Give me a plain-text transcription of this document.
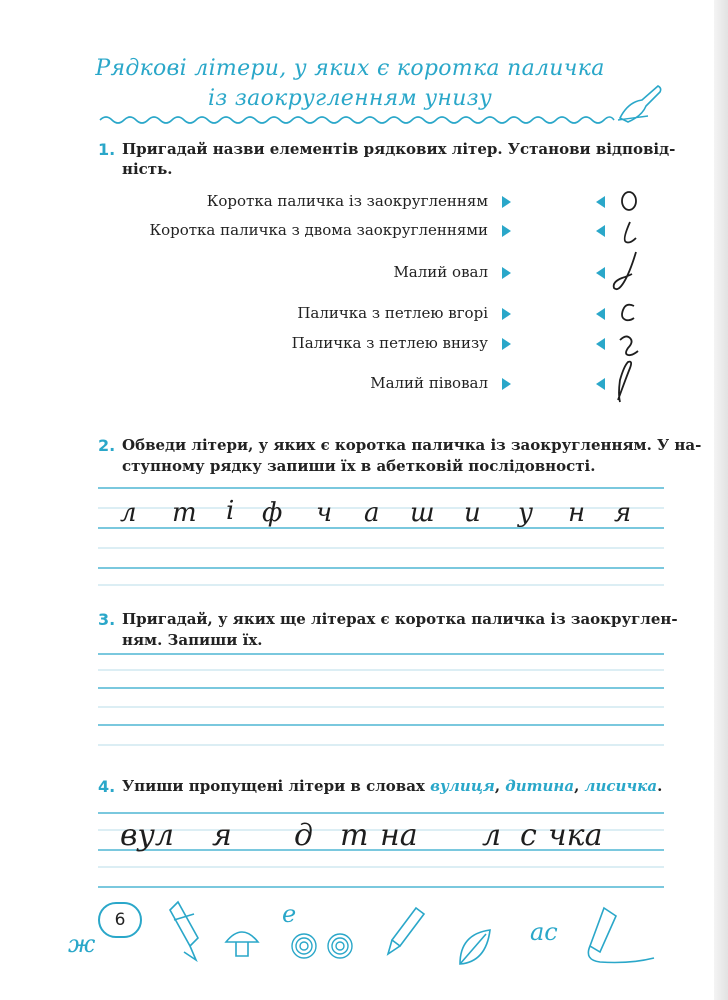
Рядкові літери, у яких є коротка паличка
із заокругленням унизу
1. Пригадай назви елементів рядкових літер. Установи відповід-
ність.
Коротка паличка із заокругленням
Коротка паличка з двома заокругленнями
Малий овал
Паличка з петлею вгорі
Паличка з петлею внизу
Малий півовал
2. Обведи літери, у яких є коротка паличка із заокругленням. У на-
ступному рядку запиши їх в абетковій послідовності.
л т і ф ч а ш и у н я
3. Пригадай, у яких ще літерах є коротка паличка із заокруглен-
ням. Запиши їх.
4. Упиши пропущені літери в словах вулиця, дитина, лисичка.
вул я д т на л с чка
6
ж
е
ас
